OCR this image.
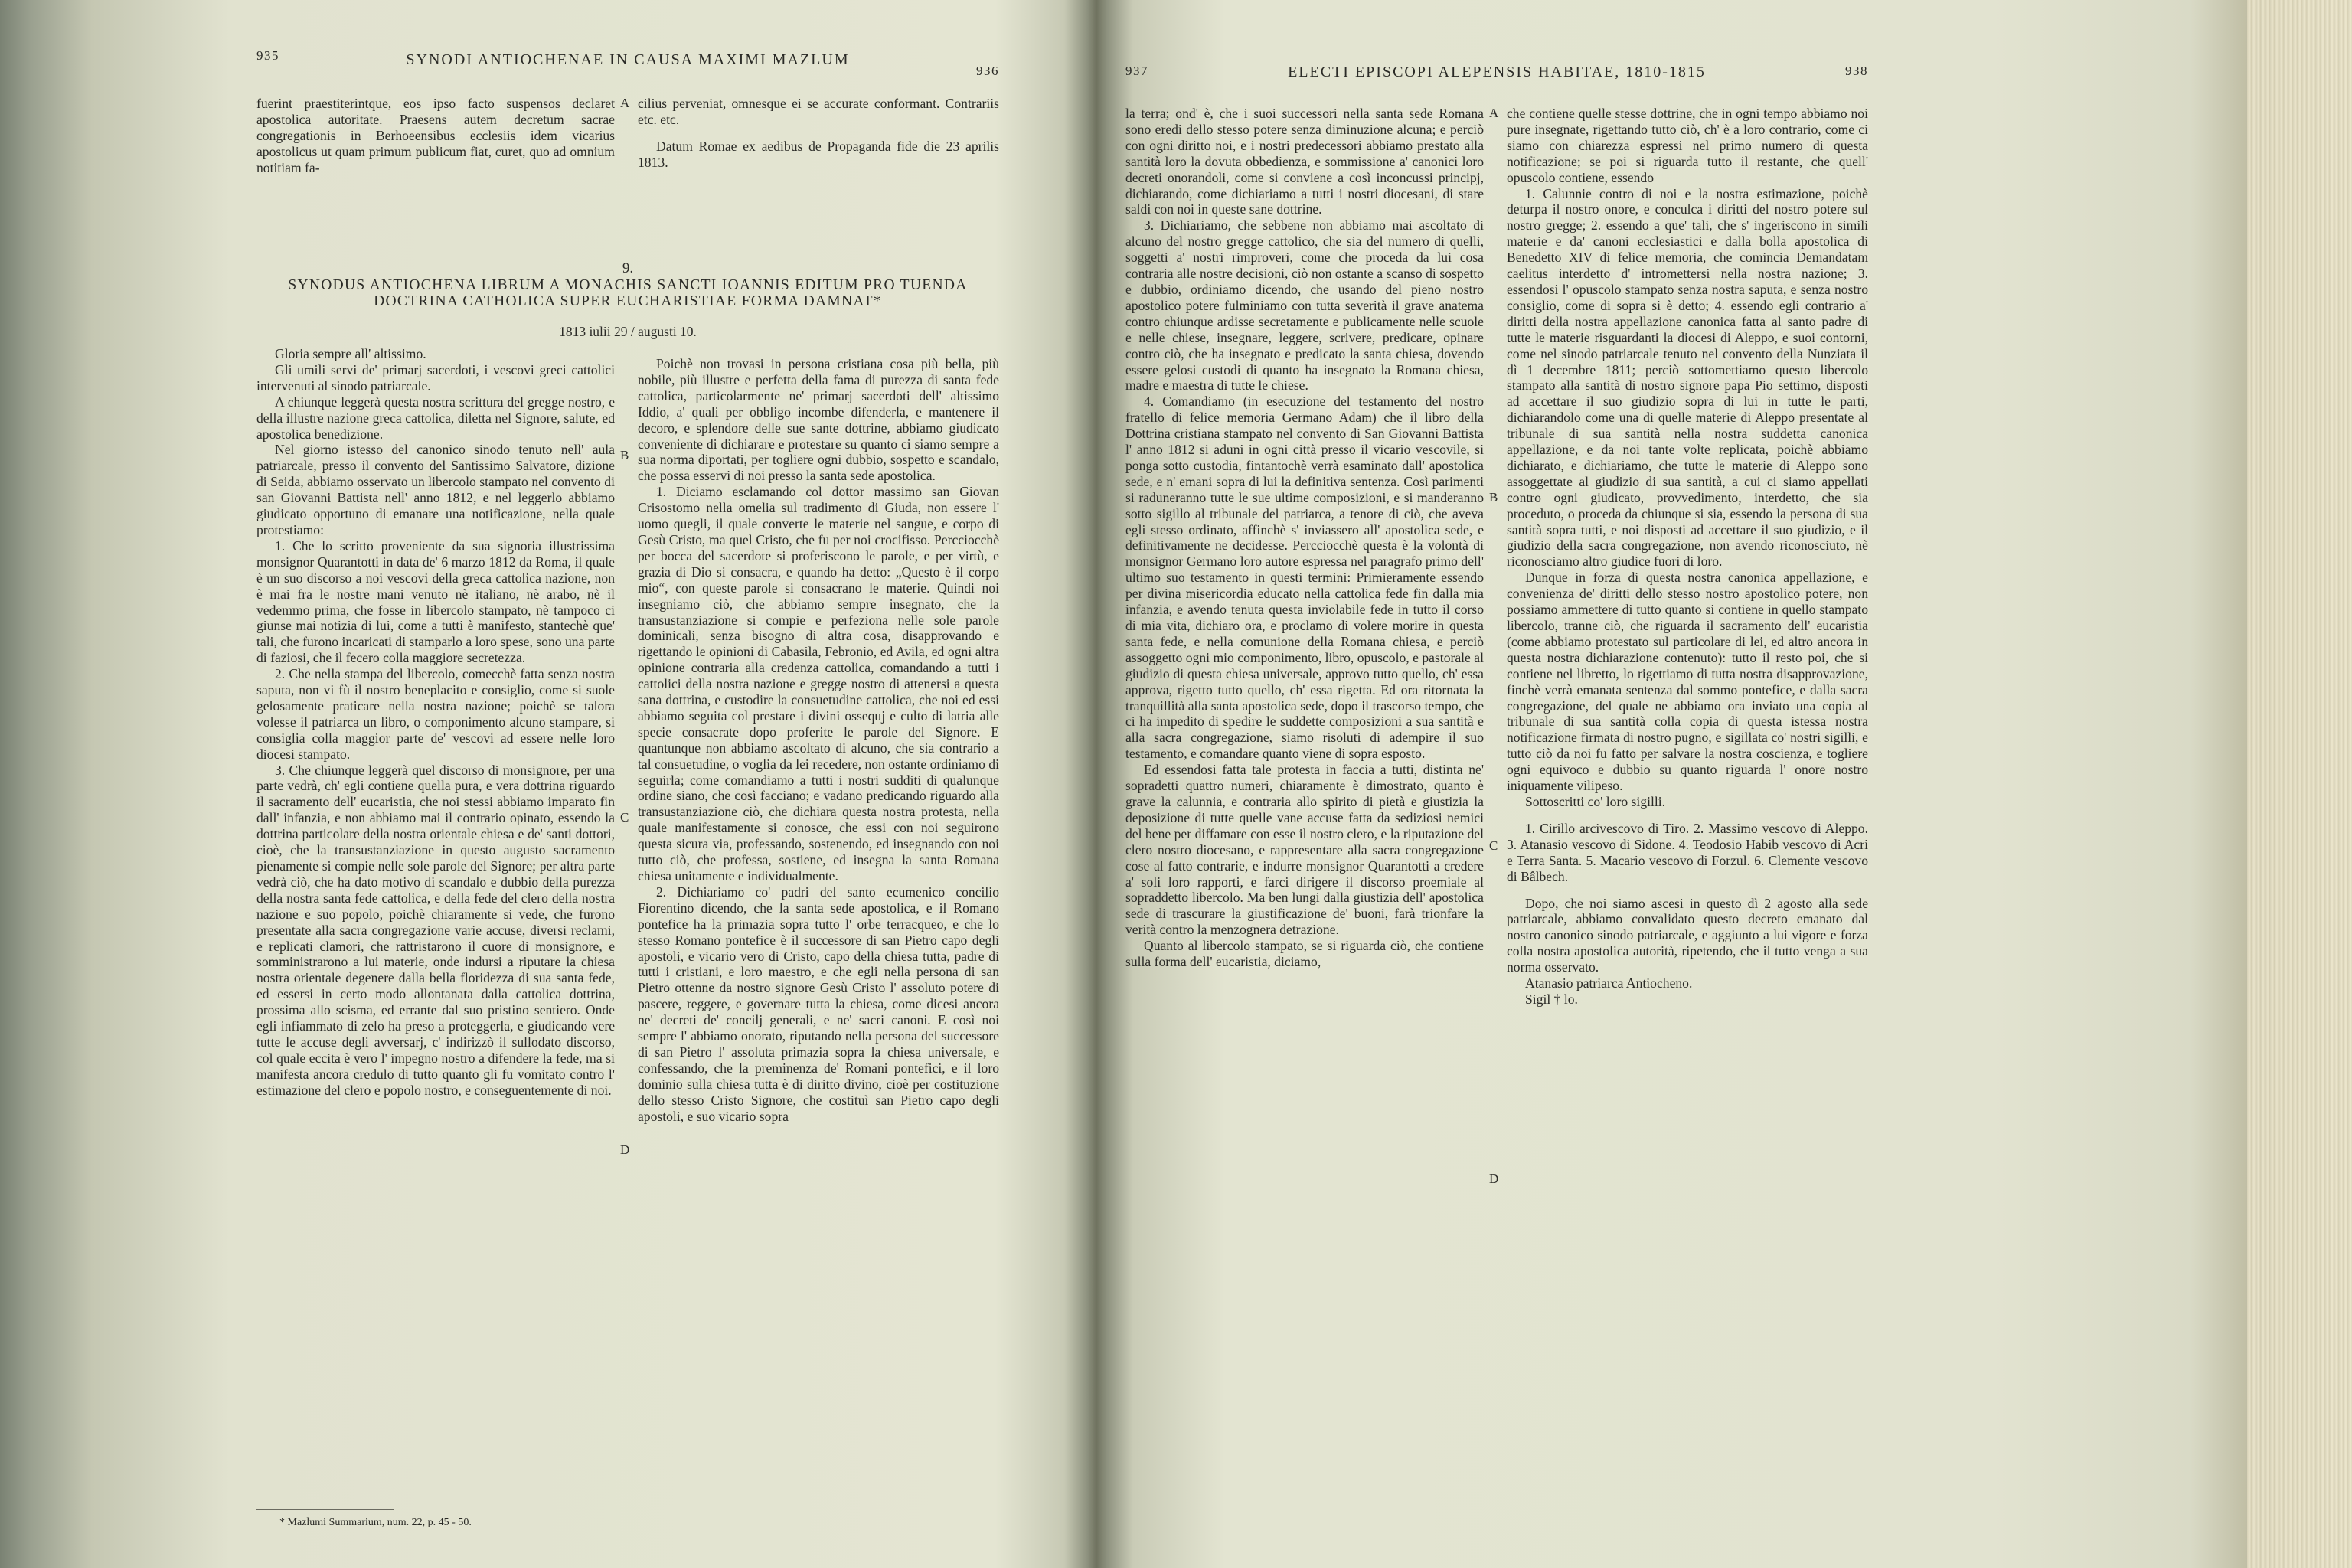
935	SYNODI ANTIOCHENAE IN CAUSA MAXIMI MAZLUM
936

fuerint praestiterintque, eos ipso facto suspensos declaret apostolica autoritate. Praesens autem decretum sacrae congregationis in Berhoeensibus ecclesiis idem vicarius apostolicus ut quam primum publicum fiat, curet, quo ad omnium notitiam fa-

cilius perveniat, omnesque ei se accurate conformant. Contrariis etc. etc.

Datum Romae ex aedibus de Propaganda fide die 23 aprilis 1813.

A
9.
SYNODUS ANTIOCHENA LIBRUM A MONACHIS SANCTI IOANNIS EDITUM PRO TUENDA
DOCTRINA CATHOLICA SUPER EUCHARISTIAE FORMA DAMNAT*
1813 iulii 29 / augusti 10.

Gloria sempre all' altissimo.

Gli umili servi de' primarj sacerdoti, i vescovi greci cattolici intervenuti al sinodo patriarcale.

A chiunque leggerà questa nostra scrittura del gregge nostro, e della illustre nazione greca cattolica, diletta nel Signore, salute, ed apostolica benedizione.

Nel giorno istesso del canonico sinodo tenuto nell' aula patriarcale, presso il convento del Santissimo Salvatore, dizione di Seida, abbiamo osservato un libercolo stampato nel convento di san Giovanni Battista nell' anno 1812, e nel leggerlo abbiamo giudicato opportuno di emanare una notificazione, nella quale protestiamo:

1. Che lo scritto proveniente da sua signoria illustrissima monsignor Quarantotti in data de' 6 marzo 1812 da Roma, il quale è un suo discorso a noi vescovi della greca cattolica nazione, non è mai fra le nostre mani venuto nè italiano, nè arabo, nè il vedemmo prima, che fosse in libercolo stampato, nè tampoco ci giunse mai notizia di lui, come a tutti è manifesto, stantechè que' tali, che furono incaricati di stamparlo a loro spese, sono una parte di faziosi, che il fecero colla maggiore secretezza.

2. Che nella stampa del libercolo, comecchè fatta senza nostra saputa, non vi fù il nostro beneplacito e consiglio, come si suole gelosamente praticare nella nostra nazione; poichè se talora volesse il patriarca un libro, o componimento alcuno stampare, si consiglia colla maggior parte de' vescovi ad essere nelle loro diocesi stampato.

3. Che chiunque leggerà quel discorso di monsignore, per una parte vedrà, ch' egli contiene quella pura, e vera dottrina riguardo il sacramento dell' eucaristia, che noi stessi abbiamo imparato fin dall' infanzia, e non abbiamo mai il contrario opinato, essendo la dottrina particolare della nostra orientale chiesa e de' santi dottori, cioè, che la transustanziazione in questo augusto sacramento pienamente si compie nelle sole parole del Signore; per altra parte vedrà ciò, che ha dato motivo di scandalo e dubbio della purezza della nostra santa fede cattolica, e della fede del clero della nostra nazione e suo popolo, poichè chiaramente si vede, che furono presentate alla sacra congregazione varie accuse, diversi reclami, e replicati clamori, che rattristarono il cuore di monsignore, e somministrarono a lui materie, onde indursi a riputare la chiesa nostra orientale degenere dalla bella floridezza di sua santa fede, ed essersi in certo modo allontanata dalla cattolica dottrina, prossima allo scisma, ed errante dal suo pristino sentiero. Onde egli infiammato di zelo ha preso a proteggerla, e giudicando vere tutte le accuse degli avversarj, c' indirizzò il sullodato discorso, col quale eccita è vero l' impegno nostro a difendere la fede, ma si manifesta ancora credulo di tutto quanto gli fu vomitato contro l' estimazione del clero e popolo nostro, e conseguentemente di noi.

Poichè non trovasi in persona cristiana cosa più bella, più nobile, più illustre e perfetta della fama di purezza di santa fede cattolica, particolarmente ne' primarj sacerdoti dell' altissimo Iddio, a' quali per obbligo incombe difenderla, e mantenere il decoro, e splendore delle sue sante dottrine, abbiamo giudicato conveniente di dichiarare e protestare su quanto ci siamo sempre a sua norma diportati, per togliere ogni dubbio, sospetto e scandalo, che possa esservi di noi presso la santa sede apostolica.

1. Diciamo esclamando col dottor massimo san Giovan Crisostomo nella omelia sul tradimento di Giuda, non essere l' uomo quegli, il quale converte le materie nel sangue, e corpo di Gesù Cristo, ma quel Cristo, che fu per noi crocifisso. Percciocchè per bocca del sacerdote si proferiscono le parole, e per virtù, e grazia di Dio si consacra, e quando ha detto: „Questo è il corpo mio“, con queste parole si consacrano le materie. Quindi noi insegniamo ciò, che abbiamo sempre insegnato, che la transustanziazione si compie e perfeziona nelle sole parole dominicali, senza bisogno di altra cosa, disapprovando e rigettando le opinioni di Cabasila, Febronio, ed Avila, ed ogni altra opinione contraria alla credenza cattolica, comandando a tutti i cattolici della nostra nazione e gregge nostro di attenersi a questa sana dottrina, e custodire la consuetudine cattolica, che noi ed essi abbiamo seguita col prestare i divini ossequj e culto di latria alle specie consacrate dopo proferite le parole del Signore. E quantunque non abbiamo ascoltato di alcuno, che sia contrario a tal consuetudine, o voglia da lei recedere, non ostante ordiniamo di seguirla; come comandiamo a tutti i nostri sudditi di qualunque ordine siano, che così facciano; e vadano predicando riguardo alla transustanziazione ciò, che dichiara questa nostra protesta, nella quale manifestamente si conosce, che essi con noi seguirono questa sicura via, professando, sostenendo, ed insegnando con noi tutto ciò, che professa, sostiene, ed insegna la santa Romana chiesa unitamente e individualmente.

2. Dichiariamo co' padri del santo ecumenico concilio Fiorentino dicendo, che la santa sede apostolica, e il Romano pontefice ha la primazia sopra tutto l' orbe terracqueo, e che lo stesso Romano pontefice è il successore di san Pietro capo degli apostoli, e vicario vero di Cristo, capo della chiesa tutta, padre di tutti i cristiani, e loro maestro, e che egli nella persona di san Pietro ottenne da nostro signore Gesù Cristo l' assoluto potere di pascere, reggere, e governare tutta la chiesa, come dicesi ancora ne' decreti de' concilj generali, e ne' sacri canoni. E così noi sempre l' abbiamo onorato, riputando nella persona del successore di san Pietro l' assoluta primazia sopra la chiesa universale, e confessando, che la preminenza de' Romani pontefici, e il loro dominio sulla chiesa tutta è di diritto divino, cioè per costituzione dello stesso Cristo Signore, che costituì san Pietro capo degli apostoli, e suo vicario sopra

B
C
D
* Mazlumi Summarium, num. 22, p. 45 - 50.
937	ELECTI EPISCOPI ALEPENSIS HABITAE, 1810-1815	938

la terra; ond' è, che i suoi successori nella santa sede Romana sono eredi dello stesso potere senza diminuzione alcuna; e perciò con ogni diritto noi, e i nostri predecessori abbiamo prestato alla santità loro la dovuta obbedienza, e sommissione a' canonici loro decreti onorandoli, come si conviene a così inconcussi principj, dichiarando, come dichiariamo a tutti i nostri diocesani, di stare saldi con noi in queste sane dottrine.

3. Dichiariamo, che sebbene non abbiamo mai ascoltato di alcuno del nostro gregge cattolico, che sia del numero di quelli, soggetti a' nostri rimproveri, come che proceda da lui cosa contraria alle nostre decisioni, ciò non ostante a scanso di sospetto e dubbio, ordiniamo dicendo, che usando del pieno nostro apostolico potere fulminiamo con tutta severità il grave anatema contro chiunque ardisse secretamente e publicamente nelle scuole e nelle chiese, insegnare, leggere, scrivere, predicare, opinare contro ciò, che ha insegnato e predicato la santa chiesa, dovendo essere gelosi custodi di quanto ha insegnato la Romana chiesa, madre e maestra di tutte le chiese.

4. Comandiamo (in esecuzione del testamento del nostro fratello di felice memoria Germano Adam) che il libro della Dottrina cristiana stampato nel convento di San Giovanni Battista l' anno 1812 si aduni in ogni città presso il vicario vescovile, si ponga sotto custodia, fintantochè verrà esaminato dall' apostolica sede, e n' emani sopra di lui la definitiva sentenza. Così parimenti si raduneranno tutte le sue ultime composizioni, e si manderanno sotto sigillo al tribunale del patriarca, a tenore di ciò, che aveva egli stesso ordinato, affinchè s' inviassero all' apostolica sede, e definitivamente ne decidesse. Percciocchè questa è la volontà di monsignor Germano loro autore espressa nel paragrafo primo dell' ultimo suo testamento in questi termini: Primieramente essendo per divina misericordia educato nella cattolica fede fin dalla mia infanzia, e avendo tenuta questa inviolabile fede in tutto il corso di mia vita, dichiaro ora, e proclamo di volere morire in questa santa fede, e nella comunione della Romana chiesa, e perciò assoggetto ogni mio componimento, libro, opuscolo, e pastorale al giudizio di questa chiesa universale, approvo tutto quello, ch' essa approva, rigetto tutto quello, ch' essa rigetta. Ed ora ritornata la tranquillità alla santa apostolica sede, dopo il trascorso tempo, che ci ha impedito di spedire le suddette composizioni a sua santità e alla sacra congregazione, siamo risoluti di adempire il suo testamento, e comandare quanto viene di sopra esposto.

Ed essendosi fatta tale protesta in faccia a tutti, distinta ne' sopradetti quattro numeri, chiaramente è dimostrato, quanto è grave la calunnia, e contraria allo spirito di pietà e giustizia la deposizione di tutte quelle vane accuse fatta da sediziosi nemici del bene per diffamare con esse il nostro clero, e la riputazione del clero nostro diocesano, e rappresentare alla sacra congregazione cose al fatto contrarie, e indurre monsignor Quarantotti a credere a' soli loro rapporti, e farci dirigere il discorso proemiale al sopraddetto libercolo. Ma ben lungi dalla giustizia dell' apostolica sede di trascurare la giustificazione de' buoni, farà trionfare la verità contro la menzognera detrazione.

Quanto al libercolo stampato, se si riguarda ciò, che contiene sulla forma dell' eucaristia, diciamo,

che contiene quelle stesse dottrine, che in ogni tempo abbiamo noi pure insegnate, rigettando tutto ciò, ch' è a loro contrario, come ci siamo con chiarezza espressi nel primo numero di questa notificazione; se poi si riguarda tutto il restante, che quell' opuscolo contiene, essendo

1. Calunnie contro di noi e la nostra estimazione, poichè deturpa il nostro onore, e conculca i diritti del nostro potere sul nostro gregge; 2. essendo a que' tali, che s' ingeriscono in simili materie e da' canoni ecclesiastici e dalla bolla apostolica di Benedetto XIV di felice memoria, che comincia Demandatam caelitus interdetto d' intromettersi nella nostra nazione; 3. essendosi l' opuscolo stampato senza nostra saputa, e senza nostro consiglio, come di sopra si è detto; 4. essendo egli contrario a' diritti della nostra appellazione canonica fatta al santo padre di tutte le materie risguardanti la diocesi di Aleppo, e suoi contorni, come nel sinodo patriarcale tenuto nel convento della Nunziata il dì 1 decembre 1811; perciò sottomettiamo questo libercolo stampato alla santità di nostro signore papa Pio settimo, disposti ad accettare il suo giudizio sopra di lui in tutte le parti, dichiarandolo come una di quelle materie di Aleppo presentate al tribunale di sua santità nella nostra suddetta canonica appellazione, e da noi tante volte replicata, poichè abbiamo dichiarato, e dichiariamo, che tutte le materie di Aleppo sono assoggettate al giudizio di sua santità, a cui ci siamo appellati contro ogni giudicato, provvedimento, interdetto, che sia proceduto, o proceda da chiunque si sia, essendo la persona di sua santità sopra tutti, e noi disposti ad accettare il suo giudizio, e il giudizio della sacra congregazione, non avendo riconosciuto, nè riconosciamo altro giudice fuori di loro.

Dunque in forza di questa nostra canonica appellazione, e convenienza de' diritti dello stesso nostro apostolico potere, non possiamo ammettere di tutto quanto si contiene in quello stampato libercolo, tranne ciò, che riguarda il sacramento dell' eucaristia (come abbiamo protestato sul particolare di lei, ed altro ancora in questa nostra dichiarazione contenuto): tutto il resto poi, che si contiene nel libretto, lo rigettiamo di tutta nostra disapprovazione, finchè verrà emanata sentenza dal sommo pontefice, e dalla sacra congregazione, del quale ne abbiamo ora inviato una copia al tribunale di sua santità colla copia di questa istessa nostra notificazione firmata di nostro pugno, e sigillata co' nostri sigilli, e tutto ciò da noi fu fatto per salvare la nostra coscienza, e togliere ogni equivoco e dubbio su quanto riguarda l' onore nostro iniquamente vilipeso.

Sottoscritti co' loro sigilli.

1. Cirillo arcivescovo di Tiro. 2. Massimo vescovo di Aleppo. 3. Atanasio vescovo di Sidone. 4. Teodosio Habib vescovo di Acri e Terra Santa. 5. Macario vescovo di Forzul. 6. Clemente vescovo di Bâlbech.

Dopo, che noi siamo ascesi in questo dì 2 agosto alla sede patriarcale, abbiamo convalidato questo decreto emanato dal nostro canonico sinodo patriarcale, e aggiunto a lui vigore e forza colla nostra apostolica autorità, ripetendo, che il tutto venga a sua norma osservato.

Atanasio patriarca Antiocheno.

Sigil † lo.

A
B
C
D
